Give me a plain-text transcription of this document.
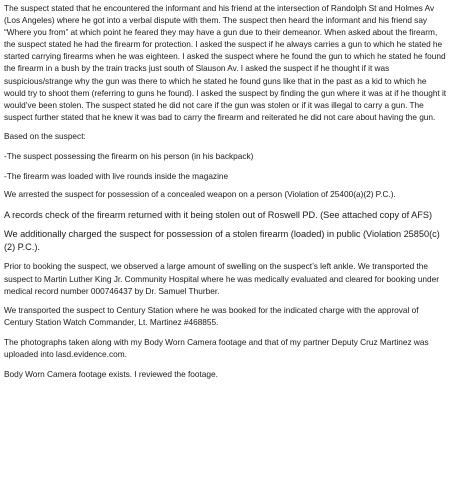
The suspect stated that he encountered the informant and his friend at the intersection of Randolph St and Holmes Av (Los Angeles) where he got into a verbal dispute with them. The suspect then heard the informant and his friend say “Where you from” at which point he feared they may have a gun due to their demeanor. When asked about the firearm, the suspect stated he had the firearm for protection. I asked the suspect if he always carries a gun to which he stated he started carrying firearms when he was eighteen. I asked the suspect where he found the gun to which he stated he found the firearm in a bush by the train tracks just south of Slauson Av. I asked the suspect if he thought if it was suspicious/strange why the gun was there to which he stated he found guns like that in the past as a kid to which he would try to shoot them (referring to guns he found). I asked the suspect by finding the gun where it was at if he thought it would’ve been stolen. The suspect stated he did not care if the gun was stolen or if it was illegal to carry a gun. The suspect further stated that he knew it was bad to carry the firearm and reiterated he did not care about having the gun.

Based on the suspect:

-The suspect possessing the firearm on his person (in his backpack)

-The firearm was loaded with live rounds inside the magazine

We arrested the suspect for possession of a concealed weapon on a person (Violation of 25400(a)(2) P.C.).

A records check of the firearm returned with it being stolen out of Roswell PD. (See attached copy of AFS)

We additionally charged the suspect for possession of a stolen firearm (loaded) in public (Violation 25850(c)(2) P.C.).

Prior to booking the suspect, we observed a large amount of swelling on the suspect’s left ankle. We transported the suspect to Martin Luther King Jr. Community Hospital where he was medically evaluated and cleared for booking under medical record number 000746437 by Dr. Samuel Thurber.

We transported the suspect to Century Station where he was booked for the indicated charge with the approval of Century Station Watch Commander, Lt. Martinez #468855.

The photographs taken along with my Body Worn Camera footage and that of my partner Deputy Cruz Martinez was uploaded into lasd.evidence.com.

Body Worn Camera footage exists. I reviewed the footage.
